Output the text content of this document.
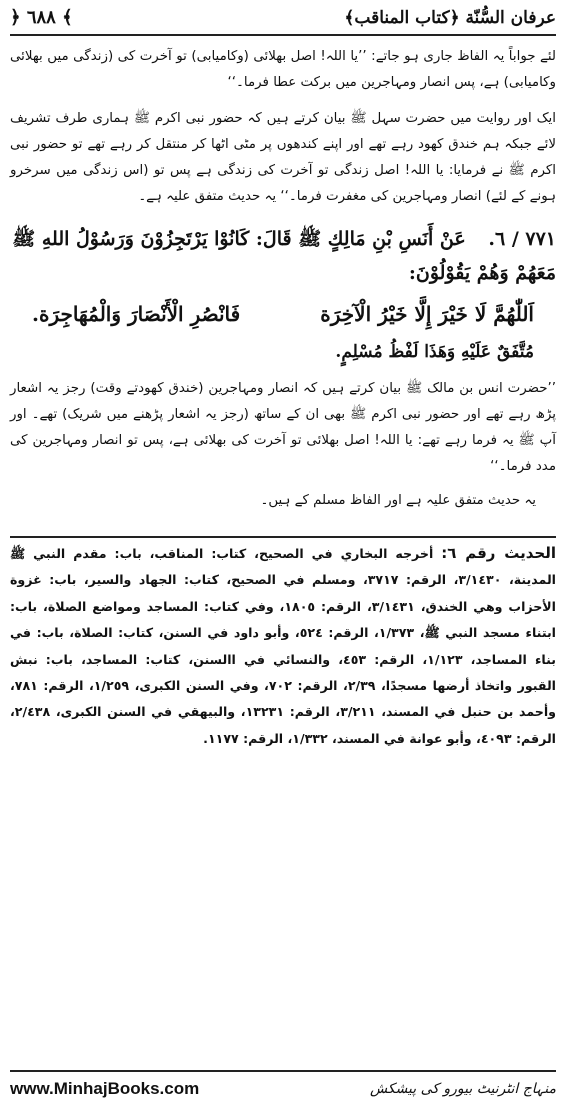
عرفان السُّنّة ﴿کتاب المناقب﴾
﴿ ٦٨٨ ﴾

لئے جواباً یہ الفاظ جاری ہو جاتے: ’’یا اللہ! اصل بھلائی (وکامیابی) تو آخرت کی (زندگی میں بھلائی وکامیابی) ہے، پس انصار ومہاجرین میں برکت عطا فرما۔‘‘

ایک اور روایت میں حضرت سہل ﷺ بیان کرتے ہیں کہ حضور نبی اکرم ﷺ ہماری طرف تشریف لائے جبکہ ہم خندق کھود رہے تھے اور اپنے کندھوں پر مٹی اٹھا کر منتقل کر رہے تھے تو حضور نبی اکرم ﷺ نے فرمایا: یا اللہ! اصل زندگی تو آخرت کی زندگی ہے پس تو (اس زندگی میں سرخرو ہونے کے لئے) انصار ومہاجرین کی مغفرت فرما۔‘‘ یہ حدیث متفق علیہ ہے۔

٧٧١ / ٦. عَنْ أَنَسِ بْنِ مَالِكٍ ﷺ قَالَ: كَانُوْا يَرْتَجِزُوْنَ وَرَسُوْلُ اللهِ ﷺ مَعَهُمْ وَهُمْ يَقُوْلُوْنَ:
اَللّٰهُمَّ لَا خَيْرَ إِلَّا خَيْرُ الْآخِرَة
فَانْصُرِ الْأَنْصَارَ وَالْمُهَاجِرَة.
مُتَّفَقٌ عَلَيْهِ وَهَذَا لَفْظُ مُسْلِمٍ.

’’حضرت انس بن مالک ﷺ بیان کرتے ہیں کہ انصار ومہاجرین (خندق کھودتے وقت) رجز یہ اشعار پڑھ رہے تھے اور حضور نبی اکرم ﷺ بھی ان کے ساتھ (رجز یہ اشعار پڑھنے میں شریک) تھے۔ اور آپ ﷺ یہ فرما رہے تھے: یا اللہ! اصل بھلائی تو آخرت کی بھلائی ہے، پس تو انصار ومہاجرین کی مدد فرما۔‘‘

یہ حدیث متفق علیہ ہے اور الفاظ مسلم کے ہیں۔

الحديث رقم ٦: أخرجه البخاري في الصحيح، كتاب: المناقب، باب: مقدم النبي ﷺ المدينة، ٣/١٤٣٠، الرقم: ٣٧١٧، ومسلم في الصحيح، كتاب: الجهاد والسير، باب: غزوة الأحزاب وهي الخندق، ٣/١٤٣١، الرقم: ١٨٠٥، وفي كتاب: المساجد ومواضع الصلاة، باب: ابتناء مسجد النبي ﷺ، ١/٣٧٣، الرقم: ٥٢٤، وأبو داود في السنن، كتاب: الصلاة، باب: في بناء المساجد، ١/١٢٣، الرقم: ٤٥٣، والنسائي في االسنن، كتاب: المساجد، باب: نبش القبور واتخاذ أرضها مسجدًا، ٢/٣٩، الرقم: ٧٠٢، وفي السنن الكبرى، ١/٢٥٩، الرقم: ٧٨١، وأحمد بن حنبل في المسند، ٣/٢١١، الرقم: ١٣٢٣١، والبيهقي في السنن الكبرى، ٢/٤٣٨، الرقم: ٤٠٩٣، وأبو عوانة في المسند، ١/٣٣٢، الرقم: ١١٧٧.

www.MinhajBooks.com	منہاج انٹرنیٹ بیورو کی پیشکش
